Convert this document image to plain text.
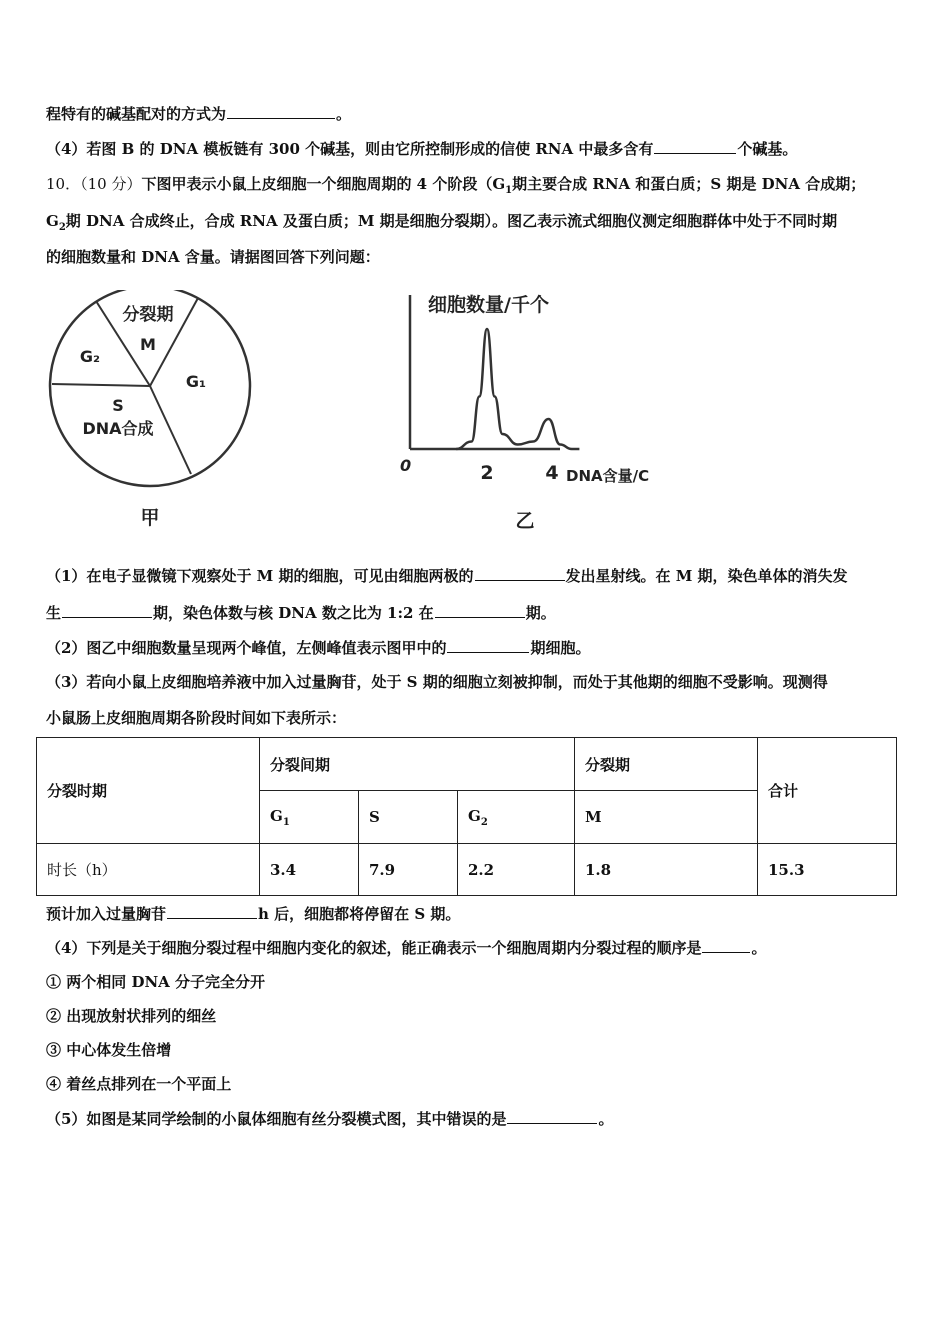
程特有的碱基配对的方式为	。
（4）若图 B 的 DNA 模板链有 300 个碱基，则由它所控制形成的信使 RNA 中最多含有	个碱基。
10．（10 分）下图甲表示小鼠上皮细胞一个细胞周期的 4 个阶段（$G_1$期主要合成 RNA 和蛋白质；S 期是 DNA 合成期；
$G_2$期 DNA 合成终止，合成 RNA 及蛋白质；M 期是细胞分裂期）。图乙表示流式细胞仪测定细胞群体中处于不同时期
的细胞数量和 DNA 含量。请据图回答下列问题：
分裂期
M
G₂
G₁
S
DNA合成
甲
细胞数量/千个
0	2	4 DNA含量/C
乙
（1）在电子显微镜下观察处于 M 期的细胞，可见由细胞两极的	发出星射线。在 M 期，染色单体的消失发
生	期，染色体数与核 DNA 数之比为 1:2 在	期。
（2）图乙中细胞数量呈现两个峰值，左侧峰值表示图甲中的	期细胞。
（3）若向小鼠上皮细胞培养液中加入过量胸苷，处于 S 期的细胞立刻被抑制，而处于其他期的细胞不受影响。现测得
小鼠肠上皮细胞周期各阶段时间如下表所示：
分裂时期	分裂间期			分裂期	合计
	$G_1$	S	$G_2$	M	
时长（h）	3.4	7.9	2.2	1.8	15.3
预计加入过量胸苷	h 后，细胞都将停留在 S 期。
（4）下列是关于细胞分裂过程中细胞内变化的叙述，能正确表示一个细胞周期内分裂过程的顺序是	。
① 两个相同 DNA 分子完全分开
② 出现放射状排列的细丝
③ 中心体发生倍增
④ 着丝点排列在一个平面上
（5）如图是某同学绘制的小鼠体细胞有丝分裂模式图，其中错误的是	。
